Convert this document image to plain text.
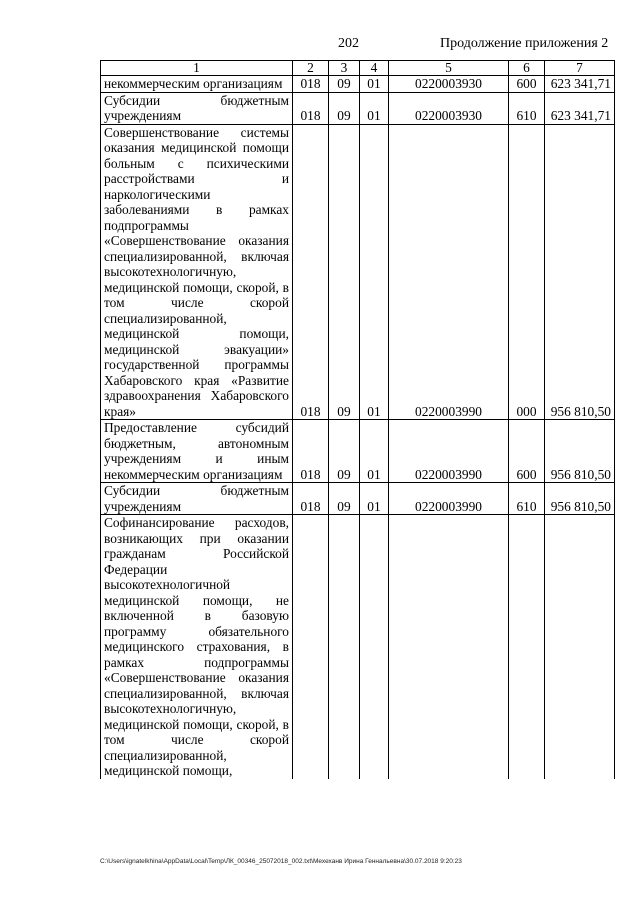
202	Продолжение приложения 2
1	2	3	4	5	6	7
некоммерческим организациям	018	09	01	0220003930	600	623 341,71
Субсидии бюджетным учреждениям	018	09	01	0220003930	610	623 341,71
Совершенствование системы оказания медицинской помощи больным с психическими расстройствами и наркологическими заболеваниями в рамках подпрограммы «Совершенствование оказания специализированной, включая высокотехнологичную, медицинской помощи, скорой, в том числе скорой специализированной, медицинской помощи, медицинской эвакуации» государственной программы Хабаровского края «Развитие здравоохранения Хабаровского края»	018	09	01	0220003990	000	956 810,50
Предоставление субсидий бюджетным, автономным учреждениям и иным некоммерческим организациям	018	09	01	0220003990	600	956 810,50
Субсидии бюджетным учреждениям	018	09	01	0220003990	610	956 810,50
Софинансирование расходов, возникающих при оказании гражданам Российской Федерации высокотехнологичной медицинской помощи, не включенной в базовую программу обязательного медицинского страхования, в рамках подпрограммы «Совершенствование оказания специализированной, включая высокотехнологичную, медицинской помощи, скорой, в том числе скорой специализированной, медицинской помощи,						
C:\Users\ignatelkhina\AppData\Local\Temp\ЛК_00346_25072018_002.txt\Мехеханв Ирина Геннальевна\30.07.2018 9:20:23
